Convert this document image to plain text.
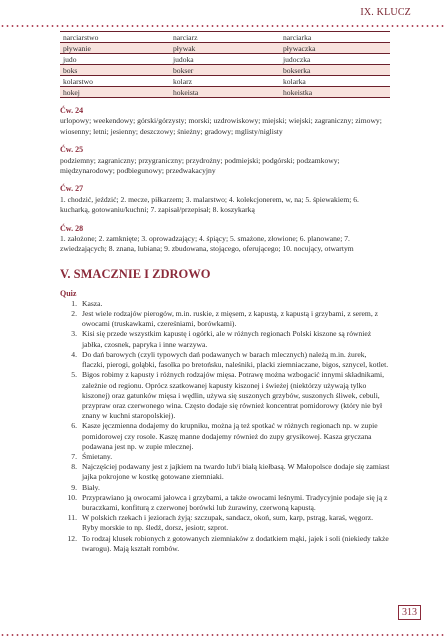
IX. KLUCZ
narciarstwo	narciarz	narciarka
pływanie	pływak	pływaczka
judo	judoka	judoczka
boks	bokser	bokserka
kolarstwo	kolarz	kolarka
hokej	hokeista	hokeistka
Ćw. 24

urlopowy; weekendowy; górski/górzysty; morski; uzdrowiskowy; miejski; wiejski; zagraniczny; zimowy; wiosenny; letni; jesienny; deszczowy; śnieżny; gradowy; mglisty/niglisty

Ćw. 25

podziemny; zagraniczny; przygraniczny; przydrożny; podmiejski; podgórski; podzamkowy; międzynarodowy; podbiegunowy; przedwakacyjny

Ćw. 27

1. chodzić, jeździć; 2. mecze, piłkarzem; 3. malarstwo; 4. kolekcjonerem, w, na; 5. śpiewakiem; 6. kucharką, gotowaniu/kuchni; 7. zapisał/przepisał; 8. koszykarką

Ćw. 28

1. założone; 2. zamknięte; 3. oprowadzający; 4. śpiący; 5. smażone, złowione; 6. planowane; 7. zwiedzających; 8. znana, lubiana; 9. zbudowana, stojącego, oferującego; 10. nocujący, otwartym

V. SMACZNIE I ZDROWO
Quiz
1. Kasza.
2. Jest wiele rodzajów pierogów, m.in. ruskie, z mięsem, z kapustą, z kapustą i grzybami, z serem, z owocami (truskawkami, czereśniami, borówkami).
3. Kisi się przede wszystkim kapustę i ogórki, ale w różnych regionach Polski kiszone są również jabłka, czosnek, papryka i inne warzywa.
4. Do dań barowych (czyli typowych dań podawanych w barach mlecznych) należą m.in. żurek, flaczki, pierogi, gołąbki, fasolka po bretońsku, naleśniki, placki ziemniaczane, bigos, sznycel, kotlet.
5. Bigos robimy z kapusty i różnych rodzajów mięsa. Potrawę można wzbogacić innymi składnikami, zależnie od regionu. Oprócz szatkowanej kapusty kiszonej i świeżej (niektórzy używają tylko kiszonej) oraz gatunków mięsa i wędlin, używa się suszonych grzybów, suszonych śliwek, cebuli, przypraw oraz czerwonego wina. Często dodaje się również koncentrat pomidorowy (który nie był znany w kuchni staropolskiej).
6. Kasze jęczmienna dodajemy do krupniku, można ją też spotkać w różnych regionach np. w zupie pomidorowej czy rosole. Kaszę manne dodajemy również do zupy grysikowej. Kasza gryczana podawana jest np. w zupie mlecznej.
7. Śmietany.
8. Najczęściej podawany jest z jajkiem na twardo lub/i białą kiełbasą. W Małopolsce dodaje się zamiast jajka pokrojone w kostkę gotowane ziemniaki.
9. Biały.
10. Przyprawiano ją owocami jałowca i grzybami, a także owocami leśnymi. Tradycyjnie podaje się ją z buraczkami, konfiturą z czerwonej borówki lub żurawiny, czerwoną kapustą.
11. W polskich rzekach i jeziorach żyją: szczupak, sandacz, okoń, sum, karp, pstrąg, karaś, węgorz. Ryby morskie to np. śledź, dorsz, jesiotr, szprot.
12. To rodzaj klusek robionych z gotowanych ziemniaków z dodatkiem mąki, jajek i soli (niekiedy także twarogu). Mają kształt rombów.
313
